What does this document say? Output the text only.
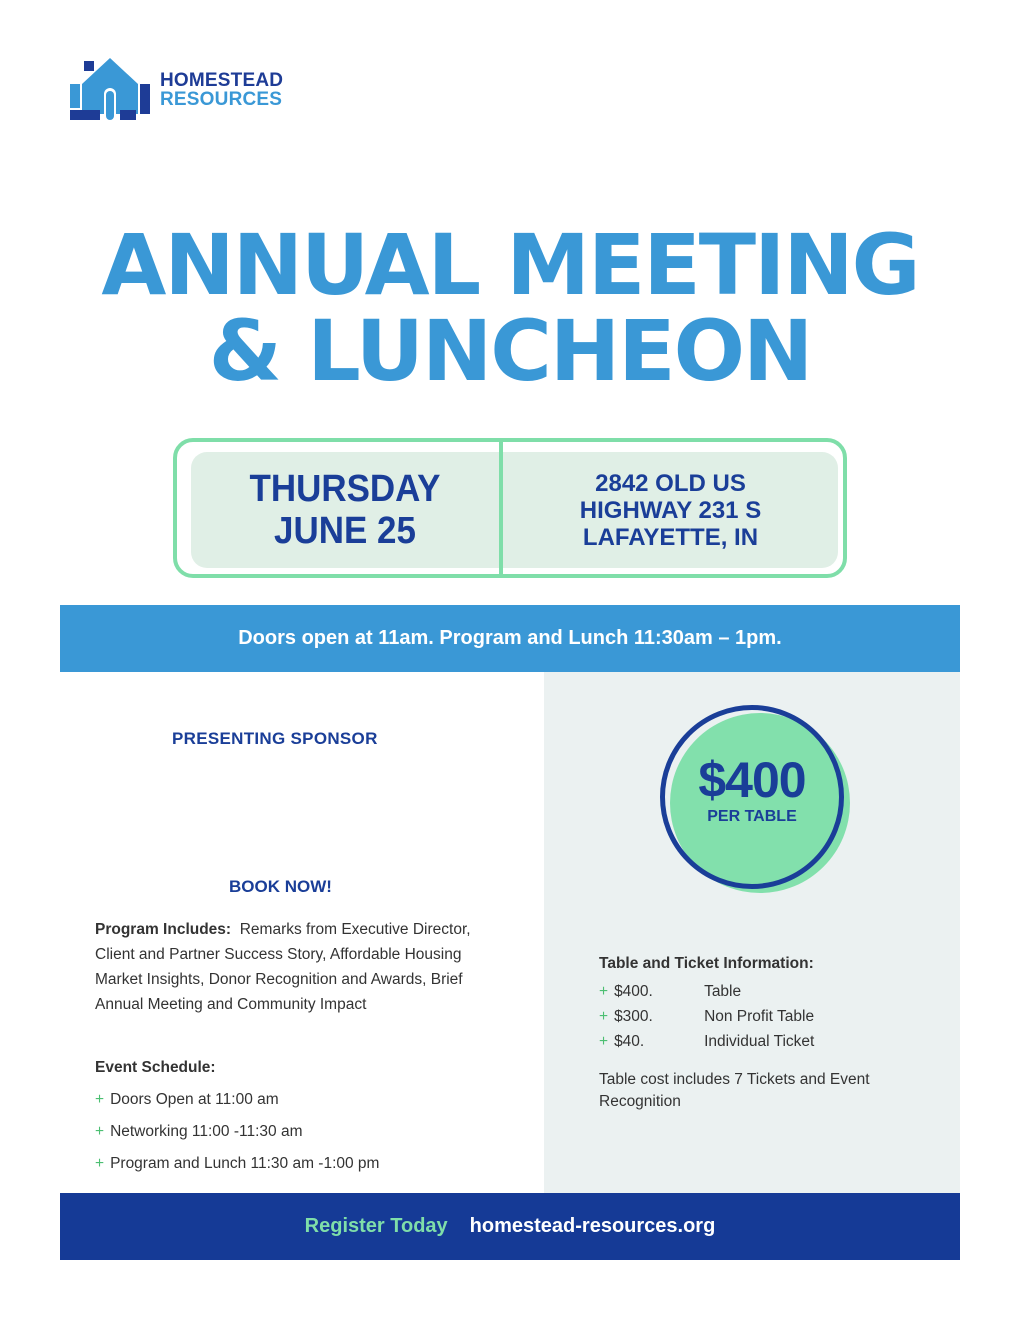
HOMESTEAD
RESOURCES
ANNUAL MEETING
& LUNCHEON
THURSDAY
JUNE 25
2842 OLD US
HIGHWAY 231 S
LAFAYETTE, IN
Doors open at 11am. Program and Lunch 11:30am – 1pm.
PRESENTING SPONSOR
BOOK NOW!

Program Includes: Remarks from Executive Director, Client and Partner Success Story, Affordable Housing Market Insights, Donor Recognition and Awards, Brief Annual Meeting and Community Impact

Event Schedule:
+ Doors Open at 11:00 am
+ Networking 11:00 -11:30 am
+ Program and Lunch 11:30 am -1:00 pm
$400
PER TABLE
Table and Ticket Information:
+ $400.	Table
+ $300.	Non Profit Table
+ $40.	Individual Ticket

Table cost includes 7 Tickets and Event Recognition

Register Today homestead-resources.org
